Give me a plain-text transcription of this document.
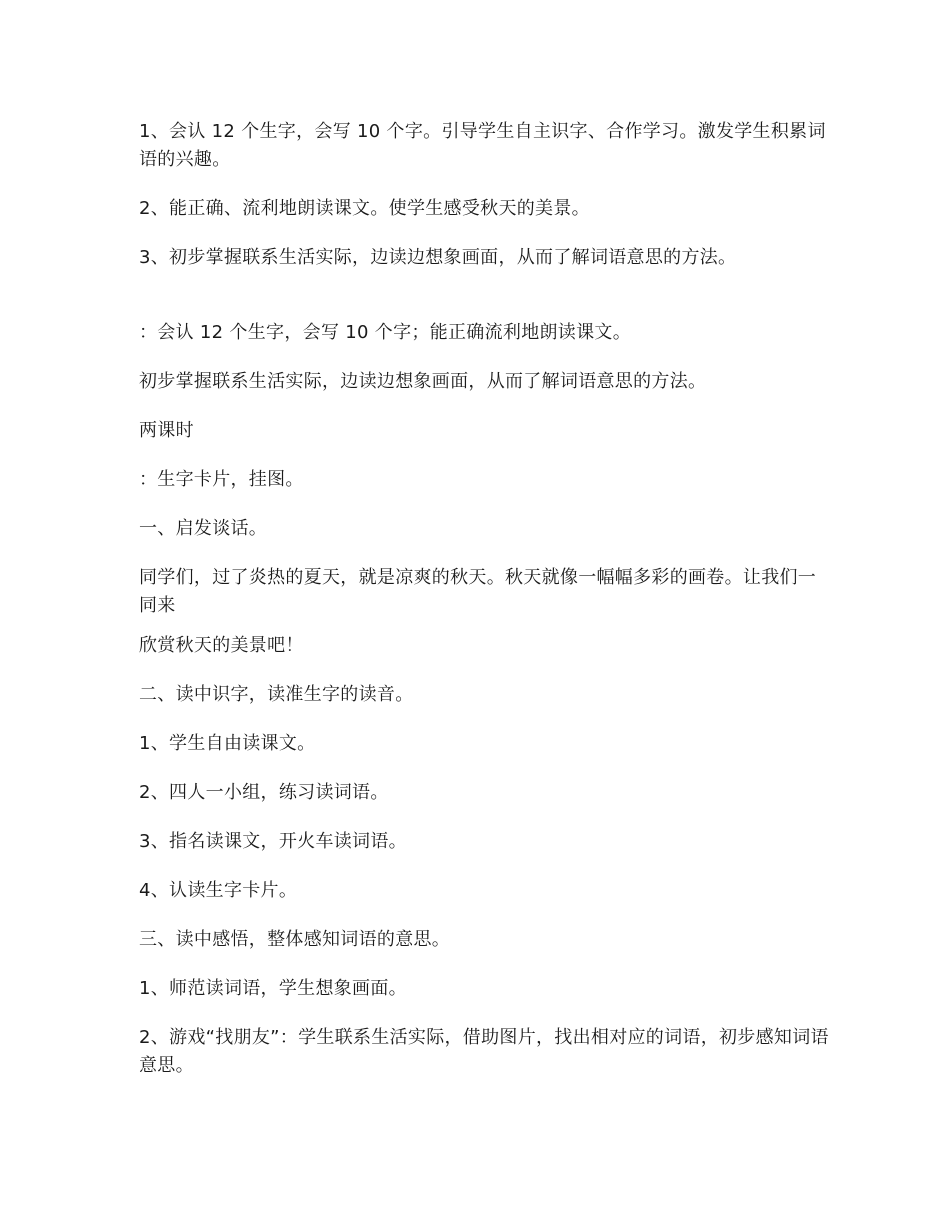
1、会认 12 个生字，会写 10 个字。引导学生自主识字、合作学习。激发学生积累词语的兴趣。

2、能正确、流利地朗读课文。使学生感受秋天的美景。

3、初步掌握联系生活实际，边读边想象画面，从而了解词语意思的方法。

：会认 12 个生字，会写 10 个字；能正确流利地朗读课文。

初步掌握联系生活实际，边读边想象画面，从而了解词语意思的方法。

两课时

：生字卡片，挂图。

一、启发谈话。

同学们，过了炎热的夏天，就是凉爽的秋天。秋天就像一幅幅多彩的画卷。让我们一同来

欣赏秋天的美景吧！

二、读中识字，读准生字的读音。

1、学生自由读课文。

2、四人一小组，练习读词语。

3、指名读课文，开火车读词语。

4、认读生字卡片。

三、读中感悟，整体感知词语的意思。

1、师范读词语，学生想象画面。

2、游戏“找朋友”：学生联系生活实际，借助图片，找出相对应的词语，初步感知词语意思。
